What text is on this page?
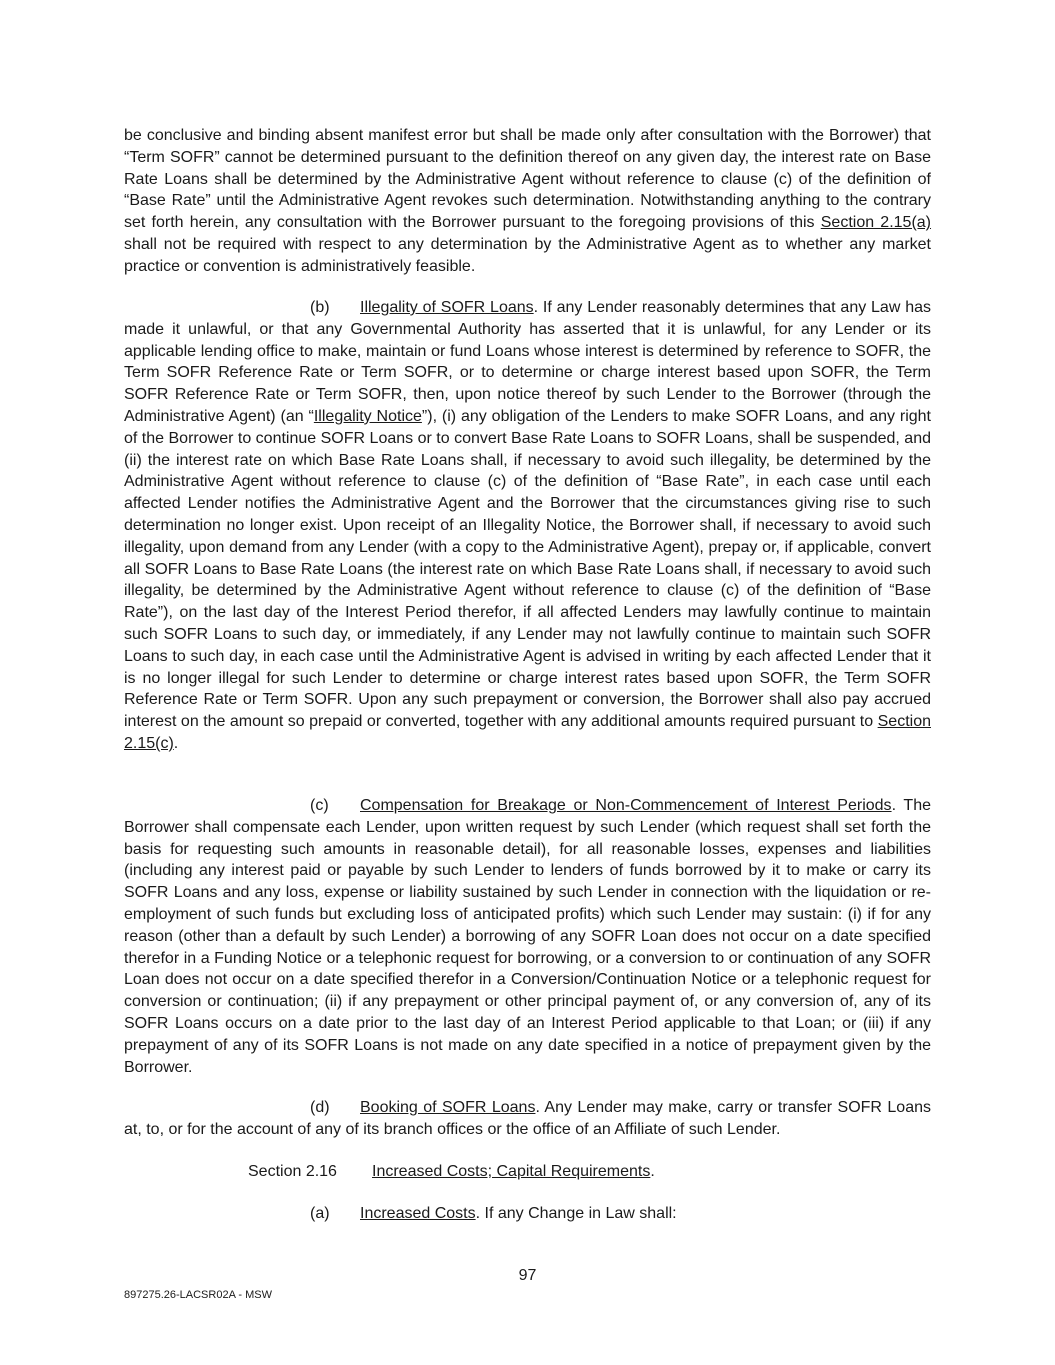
be conclusive and binding absent manifest error but shall be made only after consultation with the Borrower) that “Term SOFR” cannot be determined pursuant to the definition thereof on any given day, the interest rate on Base Rate Loans shall be determined by the Administrative Agent without reference to clause (c) of the definition of “Base Rate” until the Administrative Agent revokes such determination. Notwithstanding anything to the contrary set forth herein, any consultation with the Borrower pursuant to the foregoing provisions of this Section 2.15(a) shall not be required with respect to any determination by the Administrative Agent as to whether any market practice or convention is administratively feasible.

(b) Illegality of SOFR Loans. If any Lender reasonably determines that any Law has made it unlawful, or that any Governmental Authority has asserted that it is unlawful, for any Lender or its applicable lending office to make, maintain or fund Loans whose interest is determined by reference to SOFR, the Term SOFR Reference Rate or Term SOFR, or to determine or charge interest based upon SOFR, the Term SOFR Reference Rate or Term SOFR, then, upon notice thereof by such Lender to the Borrower (through the Administrative Agent) (an “Illegality Notice”), (i) any obligation of the Lenders to make SOFR Loans, and any right of the Borrower to continue SOFR Loans or to convert Base Rate Loans to SOFR Loans, shall be suspended, and (ii) the interest rate on which Base Rate Loans shall, if necessary to avoid such illegality, be determined by the Administrative Agent without reference to clause (c) of the definition of “Base Rate”, in each case until each affected Lender notifies the Administrative Agent and the Borrower that the circumstances giving rise to such determination no longer exist. Upon receipt of an Illegality Notice, the Borrower shall, if necessary to avoid such illegality, upon demand from any Lender (with a copy to the Administrative Agent), prepay or, if applicable, convert all SOFR Loans to Base Rate Loans (the interest rate on which Base Rate Loans shall, if necessary to avoid such illegality, be determined by the Administrative Agent without reference to clause (c) of the definition of “Base Rate”), on the last day of the Interest Period therefor, if all affected Lenders may lawfully continue to maintain such SOFR Loans to such day, or immediately, if any Lender may not lawfully continue to maintain such SOFR Loans to such day, in each case until the Administrative Agent is advised in writing by each affected Lender that it is no longer illegal for such Lender to determine or charge interest rates based upon SOFR, the Term SOFR Reference Rate or Term SOFR. Upon any such prepayment or conversion, the Borrower shall also pay accrued interest on the amount so prepaid or converted, together with any additional amounts required pursuant to Section 2.15(c).

(c) Compensation for Breakage or Non-Commencement of Interest Periods. The Borrower shall compensate each Lender, upon written request by such Lender (which request shall set forth the basis for requesting such amounts in reasonable detail), for all reasonable losses, expenses and liabilities (including any interest paid or payable by such Lender to lenders of funds borrowed by it to make or carry its SOFR Loans and any loss, expense or liability sustained by such Lender in connection with the liquidation or re-employment of such funds but excluding loss of anticipated profits) which such Lender may sustain: (i) if for any reason (other than a default by such Lender) a borrowing of any SOFR Loan does not occur on a date specified therefor in a Funding Notice or a telephonic request for borrowing, or a conversion to or continuation of any SOFR Loan does not occur on a date specified therefor in a Conversion/Continuation Notice or a telephonic request for conversion or continuation; (ii) if any prepayment or other principal payment of, or any conversion of, any of its SOFR Loans occurs on a date prior to the last day of an Interest Period applicable to that Loan; or (iii) if any prepayment of any of its SOFR Loans is not made on any date specified in a notice of prepayment given by the Borrower.

(d) Booking of SOFR Loans. Any Lender may make, carry or transfer SOFR Loans at, to, or for the account of any of its branch offices or the office of an Affiliate of such Lender.

Section 2.16 Increased Costs; Capital Requirements.

(a) Increased Costs. If any Change in Law shall:

97
897275.26-LACSR02A - MSW
